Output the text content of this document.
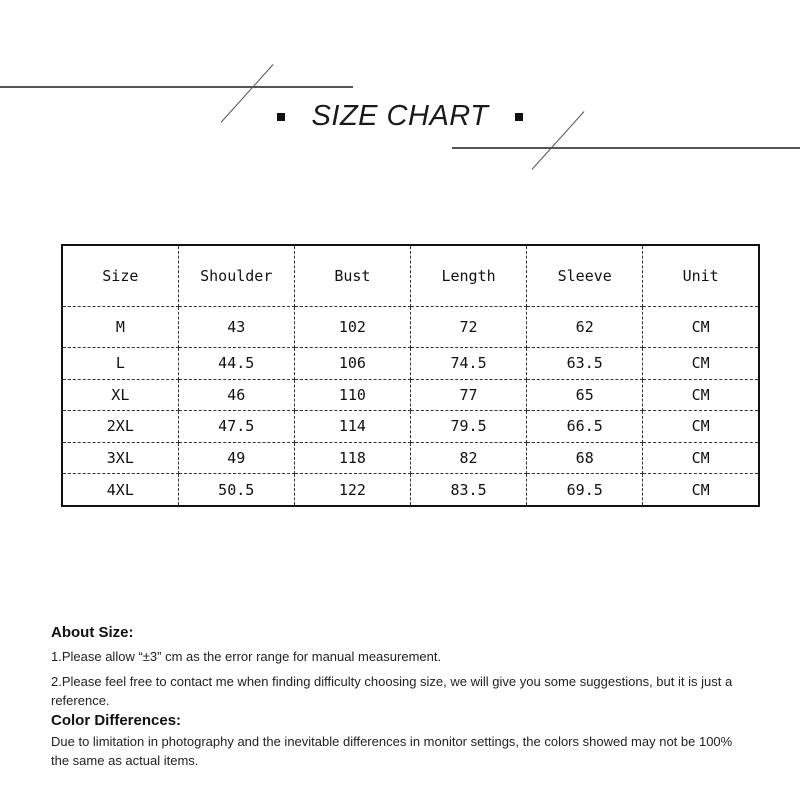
SIZE CHART
Size	Shoulder	Bust	Length	Sleeve	Unit
M	43	102	72	62	CM
L	44.5	106	74.5	63.5	CM
XL	46	110	77	65	CM
2XL	47.5	114	79.5	66.5	CM
3XL	49	118	82	68	CM
4XL	50.5	122	83.5	69.5	CM
About Size:

1.Please allow “±3” cm as the error range for manual measurement.

2.Please feel free to contact me when finding difficulty choosing size, we will give you some suggestions, but it is just a reference.

Color Differences:

Due to limitation in photography and the inevitable differences in monitor settings, the colors showed may not be 100% the same as actual items.
